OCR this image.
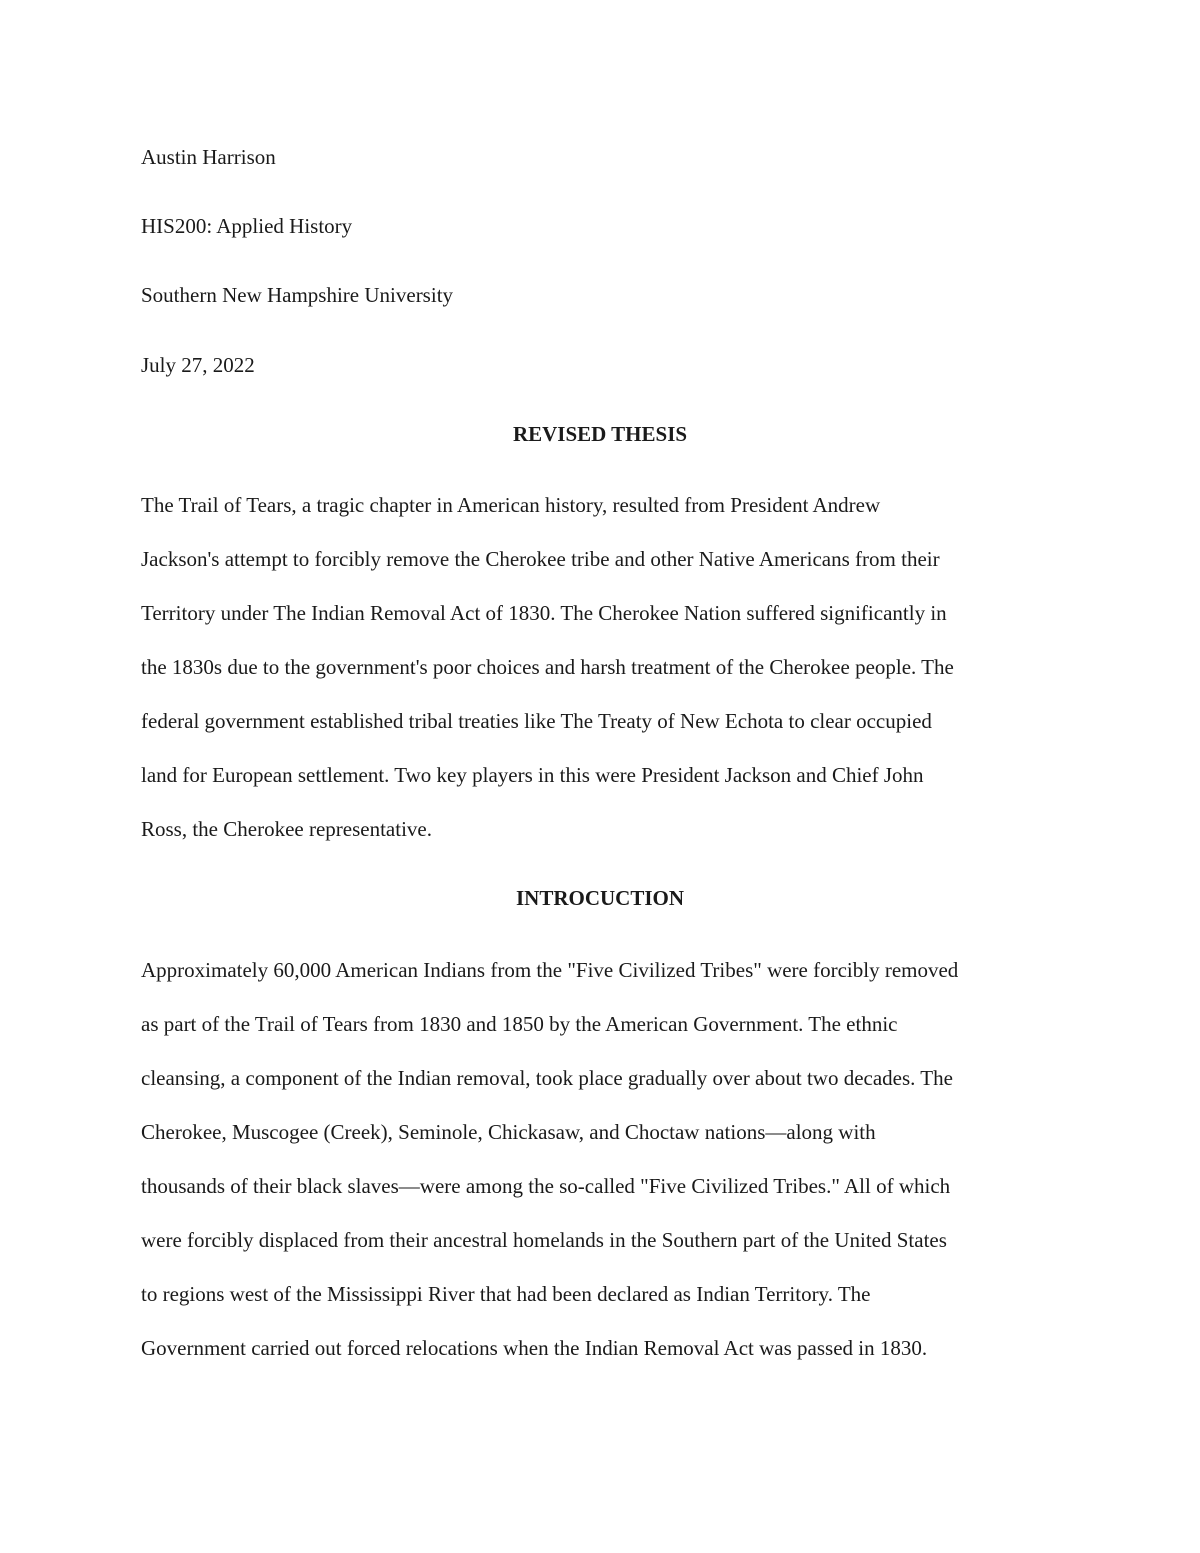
Austin Harrison
HIS200: Applied History
Southern New Hampshire University
July 27, 2022
REVISED THESIS
The Trail of Tears, a tragic chapter in American history, resulted from President Andrew
Jackson's attempt to forcibly remove the Cherokee tribe and other Native Americans from their
Territory under The Indian Removal Act of 1830. The Cherokee Nation suffered significantly in
the 1830s due to the government's poor choices and harsh treatment of the Cherokee people. The
federal government established tribal treaties like The Treaty of New Echota to clear occupied
land for European settlement. Two key players in this were President Jackson and Chief John
Ross, the Cherokee representative.
INTROCUCTION
Approximately 60,000 American Indians from the "Five Civilized Tribes" were forcibly removed
as part of the Trail of Tears from 1830 and 1850 by the American Government. The ethnic
cleansing, a component of the Indian removal, took place gradually over about two decades. The
Cherokee, Muscogee (Creek), Seminole, Chickasaw, and Choctaw nations—along with
thousands of their black slaves—were among the so-called "Five Civilized Tribes." All of which
were forcibly displaced from their ancestral homelands in the Southern part of the United States
to regions west of the Mississippi River that had been declared as Indian Territory. The
Government carried out forced relocations when the Indian Removal Act was passed in 1830.
